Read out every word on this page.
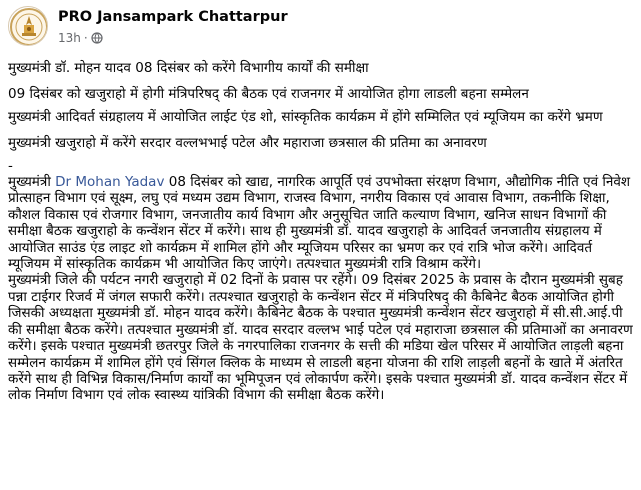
PRO Jansampark Chattarpur
13h ·

मुख्यमंत्री डॉ. मोहन यादव 08 दिसंबर को करेंगे विभागीय कार्यों की समीक्षा

09 दिसंबर को खजुराहो में होगी मंत्रिपरिषद् की बैठक एवं राजनगर में आयोजित होगा लाडली बहना सम्मेलन

मुख्यमंत्री आदिवर्त संग्रहालय में आयोजित लाईट एंड शो, सांस्कृतिक कार्यक्रम में होंगे सम्मिलित एवं म्यूजियम का करेंगे भ्रमण

मुख्यमंत्री खजुराहो में करेंगे सरदार वल्लभभाई पटेल और महाराजा छत्रसाल की प्रतिमा का अनावरण

-

मुख्यमंत्री Dr Mohan Yadav 08 दिसंबर को खाद्य, नागरिक आपूर्ति एवं उपभोक्ता संरक्षण विभाग, औद्योगिक नीति एवं निवेश प्रोत्साहन विभाग एवं सूक्ष्म, लघु एवं मध्यम उद्यम विभाग, राजस्व विभाग, नगरीय विकास एवं आवास विभाग, तकनीकि शिक्षा, कौशल विकास एवं रोजगार विभाग, जनजातीय कार्य विभाग और अनुसूचित जाति कल्याण विभाग, खनिज साधन विभागों की समीक्षा बैठक खजुराहो के कन्वेंशन सेंटर में करेंगे। साथ ही मुख्यमंत्री डॉ. यादव खजुराहो के आदिवर्त जनजातीय संग्रहालय में आयोजित साउंड एंड लाइट शो कार्यक्रम में शामिल होंगे और म्यूजियम परिसर का भ्रमण कर एवं रात्रि भोज करेंगे। आदिवर्त म्यूजियम में सांस्कृतिक कार्यक्रम भी आयोजित किए जाएंगे। तत्पश्चात मुख्यमंत्री रात्रि विश्राम करेंगे।

मुख्यमंत्री जिले की पर्यटन नगरी खजुराहो में 02 दिनों के प्रवास पर रहेंगे। 09 दिसंबर 2025 के प्रवास के दौरान मुख्यमंत्री सुबह पन्ना टाईगर रिजर्व में जंगल सफारी करेंगे। तत्पश्चात खजुराहो के कन्वेंशन सेंटर में मंत्रिपरिषद् की कैबिनेट बैठक आयोजित होगी जिसकी अध्यक्षता मुख्यमंत्री डॉ. मोहन यादव करेंगे। कैबिनेट बैठक के पश्चात मुख्यमंत्री कन्वेंशन सेंटर खजुराहो में सी.सी.आई.पी की समीक्षा बैठक करेंगे। तत्पश्चात मुख्यमंत्री डॉ. यादव सरदार वल्लभ भाई पटेल एवं महाराजा छत्रसाल की प्रतिमाओं का अनावरण करेंगे। इसके पश्चात मुख्यमंत्री छतरपुर जिले के नगरपालिका राजनगर के सत्ती की मडिया खेल परिसर में आयोजित लाड़ली बहना सम्मेलन कार्यक्रम में शामिल होंगे एवं सिंगल क्लिक के माध्यम से लाडली बहना योजना की राशि लाड़ली बहनों के खाते में अंतरित करेंगे साथ ही विभिन्न विकास/निर्माण कार्यों का भूमिपूजन एवं लोकार्पण करेंगे। इसके पश्चात मुख्यमंत्री डॉ. यादव कन्वेंशन सेंटर में लोक निर्माण विभाग एवं लोक स्वास्थ्य यांत्रिकी विभाग की समीक्षा बैठक करेंगे।
